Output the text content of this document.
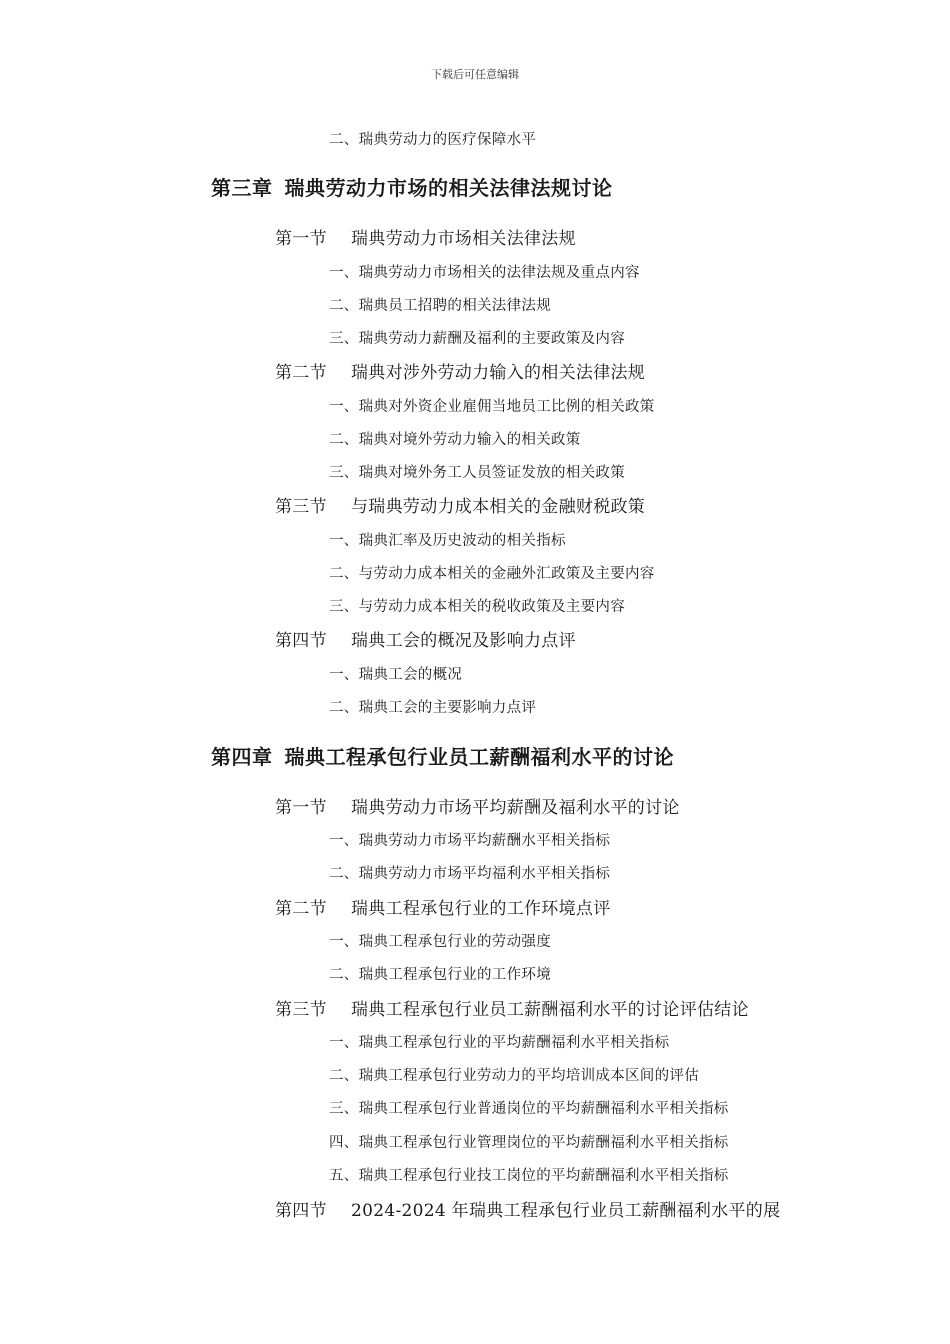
下载后可任意编辑
二、瑞典劳动力的医疗保障水平
第三章 瑞典劳动力市场的相关法律法规讨论
第一节 瑞典劳动力市场相关法律法规
一、瑞典劳动力市场相关的法律法规及重点内容
二、瑞典员工招聘的相关法律法规
三、瑞典劳动力薪酬及福利的主要政策及内容
第二节 瑞典对涉外劳动力输入的相关法律法规
一、瑞典对外资企业雇佣当地员工比例的相关政策
二、瑞典对境外劳动力输入的相关政策
三、瑞典对境外务工人员签证发放的相关政策
第三节 与瑞典劳动力成本相关的金融财税政策
一、瑞典汇率及历史波动的相关指标
二、与劳动力成本相关的金融外汇政策及主要内容
三、与劳动力成本相关的税收政策及主要内容
第四节 瑞典工会的概况及影响力点评
一、瑞典工会的概况
二、瑞典工会的主要影响力点评
第四章 瑞典工程承包行业员工薪酬福利水平的讨论
第一节 瑞典劳动力市场平均薪酬及福利水平的讨论
一、瑞典劳动力市场平均薪酬水平相关指标
二、瑞典劳动力市场平均福利水平相关指标
第二节 瑞典工程承包行业的工作环境点评
一、瑞典工程承包行业的劳动强度
二、瑞典工程承包行业的工作环境
第三节 瑞典工程承包行业员工薪酬福利水平的讨论评估结论
一、瑞典工程承包行业的平均薪酬福利水平相关指标
二、瑞典工程承包行业劳动力的平均培训成本区间的评估
三、瑞典工程承包行业普通岗位的平均薪酬福利水平相关指标
四、瑞典工程承包行业管理岗位的平均薪酬福利水平相关指标
五、瑞典工程承包行业技工岗位的平均薪酬福利水平相关指标
第四节 2024-2024 年瑞典工程承包行业员工薪酬福利水平的展
